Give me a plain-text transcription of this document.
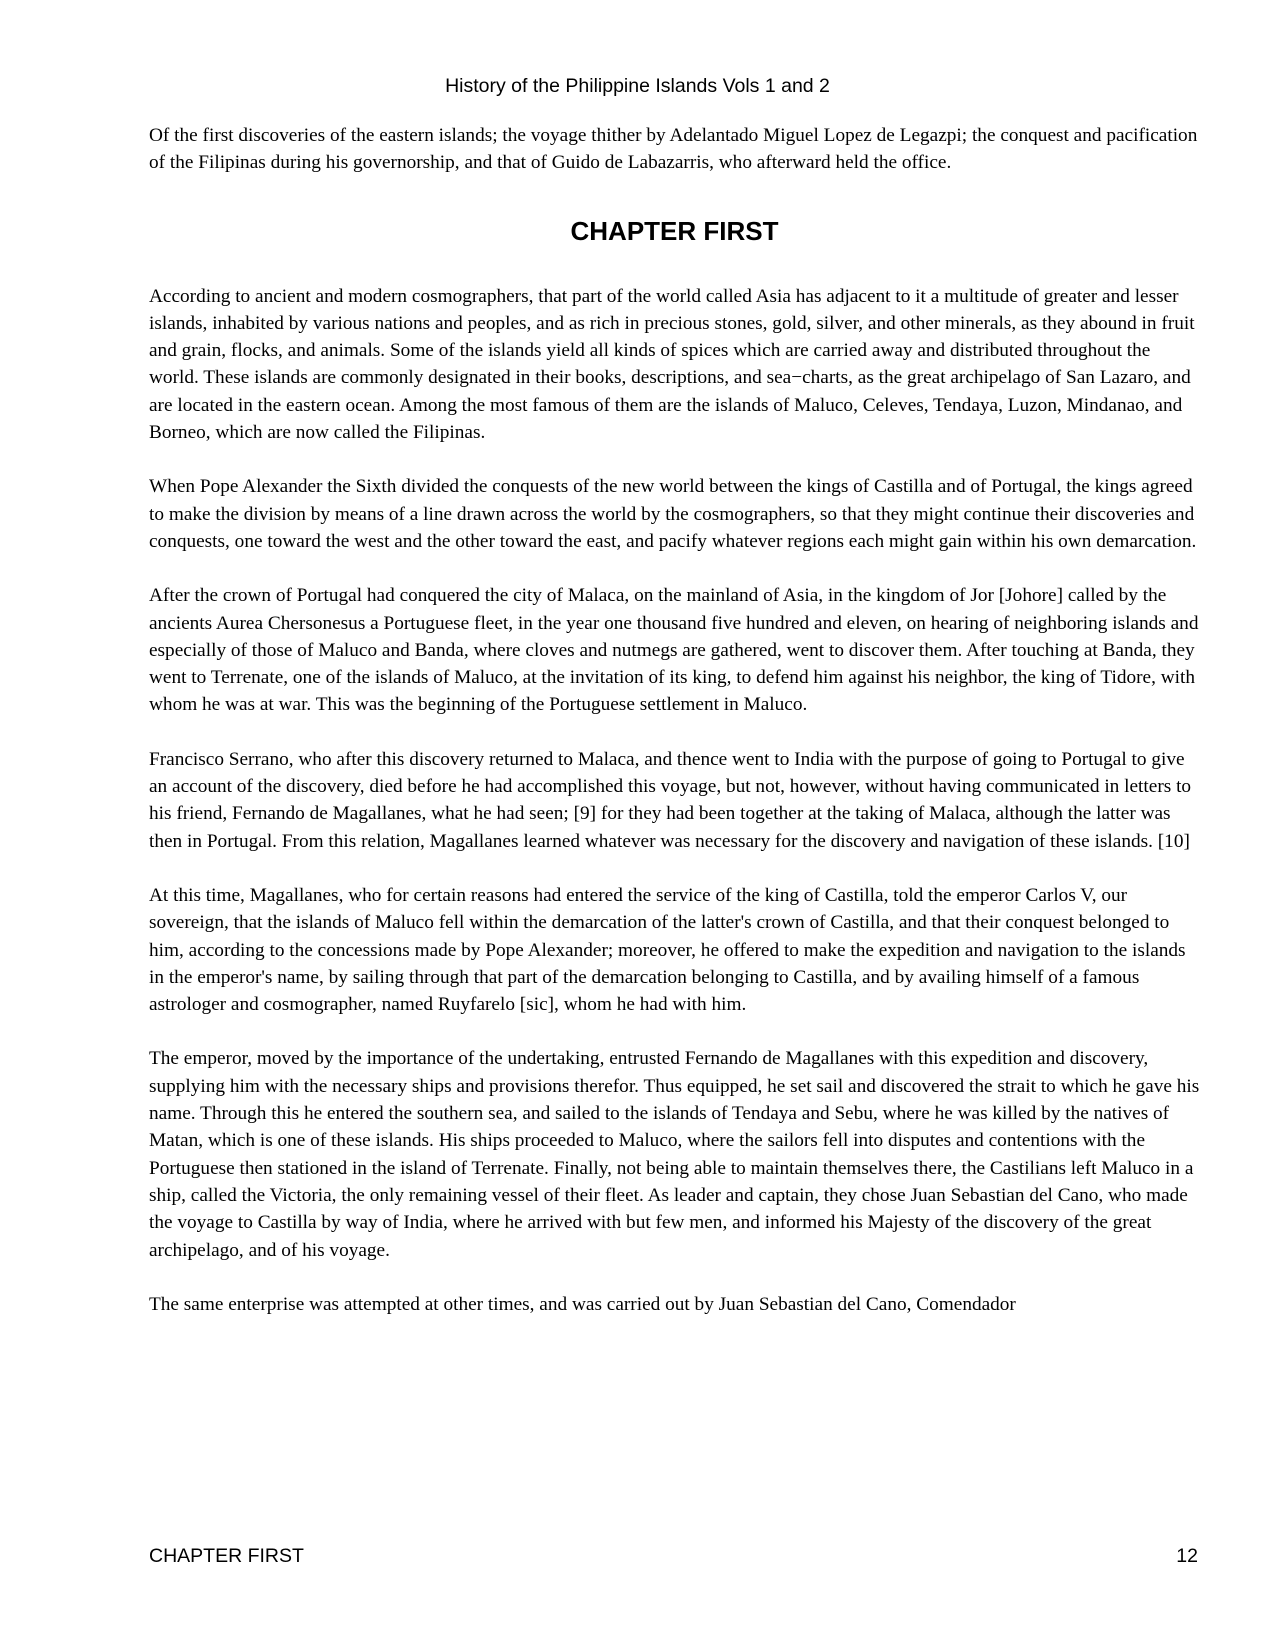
History of the Philippine Islands Vols 1 and 2

Of the first discoveries of the eastern islands; the voyage thither by Adelantado Miguel Lopez de Legazpi; the conquest and pacification of the Filipinas during his governorship, and that of Guido de Labazarris, who afterward held the office.

CHAPTER FIRST

According to ancient and modern cosmographers, that part of the world called Asia has adjacent to it a multitude of greater and lesser islands, inhabited by various nations and peoples, and as rich in precious stones, gold, silver, and other minerals, as they abound in fruit and grain, flocks, and animals. Some of the islands yield all kinds of spices which are carried away and distributed throughout the world. These islands are commonly designated in their books, descriptions, and sea−charts, as the great archipelago of San Lazaro, and are located in the eastern ocean. Among the most famous of them are the islands of Maluco, Celeves, Tendaya, Luzon, Mindanao, and Borneo, which are now called the Filipinas.

When Pope Alexander the Sixth divided the conquests of the new world between the kings of Castilla and of Portugal, the kings agreed to make the division by means of a line drawn across the world by the cosmographers, so that they might continue their discoveries and conquests, one toward the west and the other toward the east, and pacify whatever regions each might gain within his own demarcation.

After the crown of Portugal had conquered the city of Malaca, on the mainland of Asia, in the kingdom of Jor [Johore] called by the ancients Aurea Chersonesus a Portuguese fleet, in the year one thousand five hundred and eleven, on hearing of neighboring islands and especially of those of Maluco and Banda, where cloves and nutmegs are gathered, went to discover them. After touching at Banda, they went to Terrenate, one of the islands of Maluco, at the invitation of its king, to defend him against his neighbor, the king of Tidore, with whom he was at war. This was the beginning of the Portuguese settlement in Maluco.

Francisco Serrano, who after this discovery returned to Malaca, and thence went to India with the purpose of going to Portugal to give an account of the discovery, died before he had accomplished this voyage, but not, however, without having communicated in letters to his friend, Fernando de Magallanes, what he had seen; [9] for they had been together at the taking of Malaca, although the latter was then in Portugal. From this relation, Magallanes learned whatever was necessary for the discovery and navigation of these islands. [10]

At this time, Magallanes, who for certain reasons had entered the service of the king of Castilla, told the emperor Carlos V, our sovereign, that the islands of Maluco fell within the demarcation of the latter's crown of Castilla, and that their conquest belonged to him, according to the concessions made by Pope Alexander; moreover, he offered to make the expedition and navigation to the islands in the emperor's name, by sailing through that part of the demarcation belonging to Castilla, and by availing himself of a famous astrologer and cosmographer, named Ruyfarelo [sic], whom he had with him.

The emperor, moved by the importance of the undertaking, entrusted Fernando de Magallanes with this expedition and discovery, supplying him with the necessary ships and provisions therefor. Thus equipped, he set sail and discovered the strait to which he gave his name. Through this he entered the southern sea, and sailed to the islands of Tendaya and Sebu, where he was killed by the natives of Matan, which is one of these islands. His ships proceeded to Maluco, where the sailors fell into disputes and contentions with the Portuguese then stationed in the island of Terrenate. Finally, not being able to maintain themselves there, the Castilians left Maluco in a ship, called the Victoria, the only remaining vessel of their fleet. As leader and captain, they chose Juan Sebastian del Cano, who made the voyage to Castilla by way of India, where he arrived with but few men, and informed his Majesty of the discovery of the great archipelago, and of his voyage.

The same enterprise was attempted at other times, and was carried out by Juan Sebastian del Cano, Comendador

CHAPTER FIRST	12
